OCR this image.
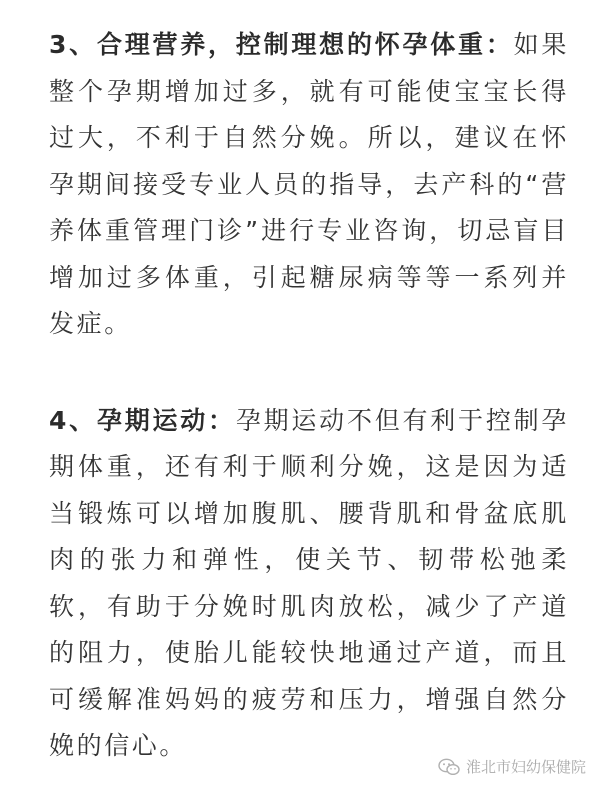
3、合理营养，控制理想的怀孕体重：如果整个孕期增加过多，就有可能使宝宝长得过大，不利于自然分娩。所以，建议在怀孕期间接受专业人员的指导，去产科的“营养体重管理门诊”进行专业咨询，切忌盲目增加过多体重，引起糖尿病等等一系列并发症。

4、孕期运动：孕期运动不但有利于控制孕期体重，还有利于顺利分娩，这是因为适当锻炼可以增加腹肌、腰背肌和骨盆底肌肉的张力和弹性，使关节、韧带松弛柔软，有助于分娩时肌肉放松，减少了产道的阻力，使胎儿能较快地通过产道，而且可缓解准妈妈的疲劳和压力，增强自然分娩的信心。

淮北市妇幼保健院
